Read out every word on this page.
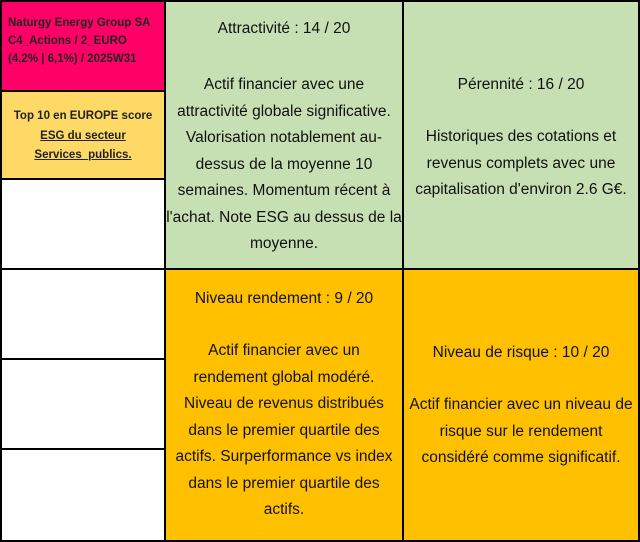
Naturgy Energy Group SA
C4_Actions / 2_EURO
(4,2% | 6,1%) / 2025W31
Top 10 en EUROPE score
ESG du secteur
Services_publics.
Attractivité : 14 / 20
Actif financier avec une
attractivité globale significative.
Valorisation notablement au-
dessus de la moyenne 10
semaines. Momentum récent à
l'achat. Note ESG au dessus de la
moyenne.
Pérennité : 16 / 20
Historiques des cotations et
revenus complets avec une
capitalisation d'environ 2.6 G€.
Niveau rendement : 9 / 20
Actif financier avec un
rendement global modéré.
Niveau de revenus distribués
dans le premier quartile des
actifs. Surperformance vs index
dans le premier quartile des
actifs.
Niveau de risque : 10 / 20
Actif financier avec un niveau de
risque sur le rendement
considéré comme significatif.
